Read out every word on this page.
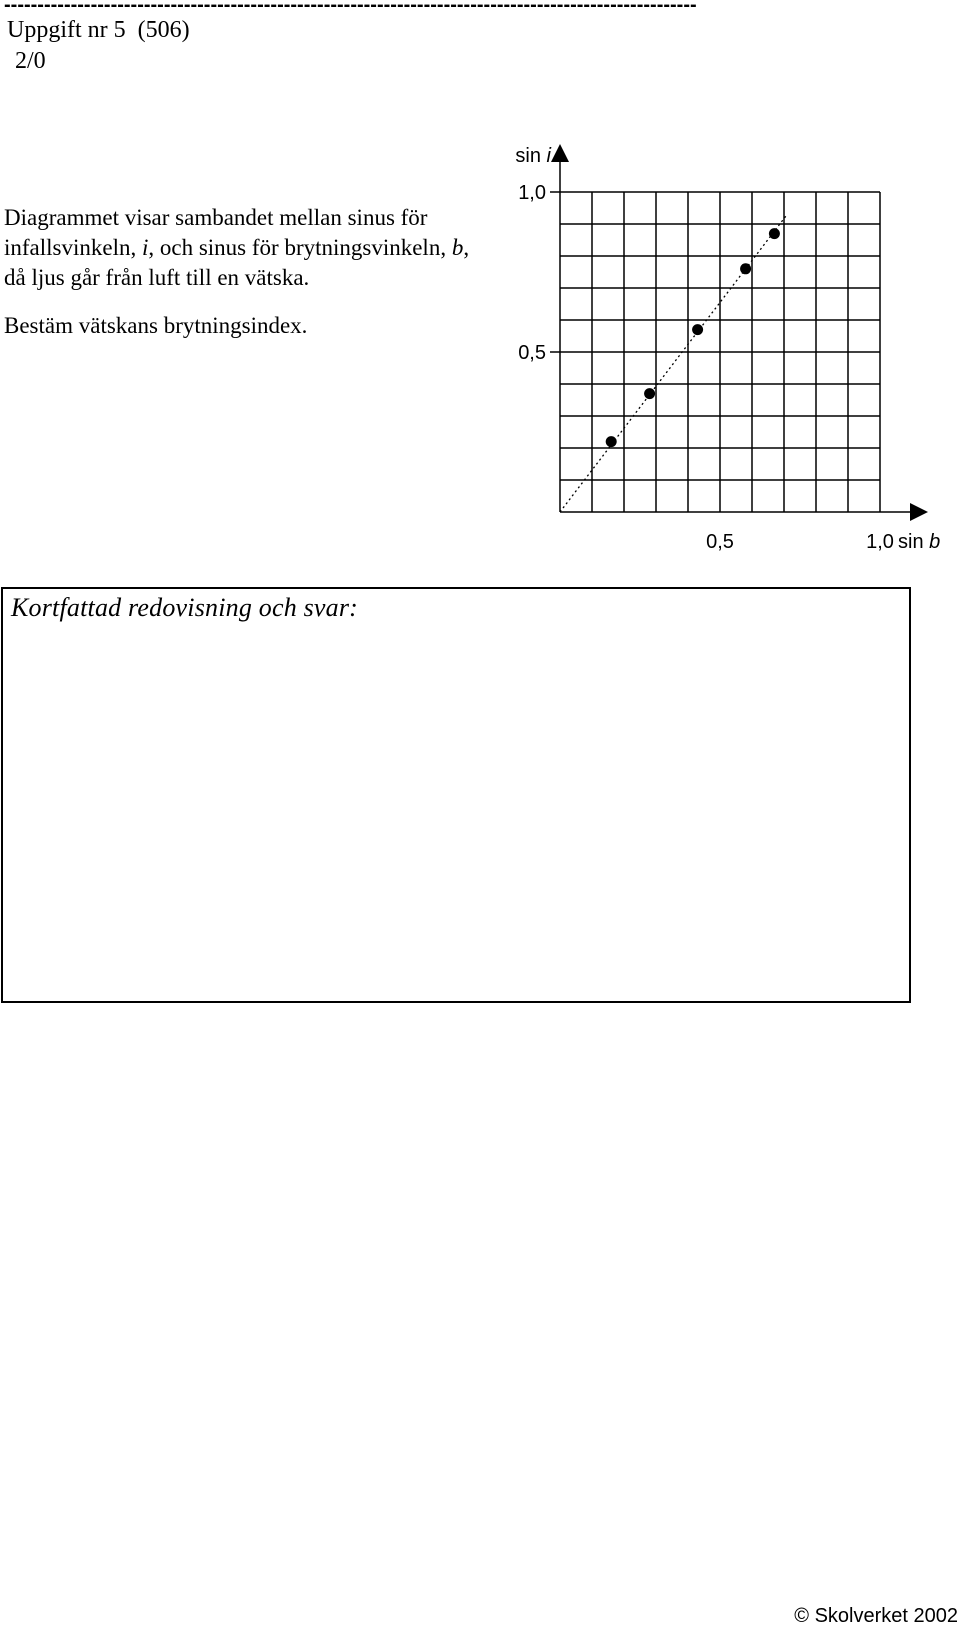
--------------------------------------------------------------------------------------------------------
Uppgift nr 5  (506)
2/0

Diagrammet visar sambandet mellan sinus för infallsvinkeln, i, och sinus för brytningsvinkeln, b, då ljus går från luft till en vätska.

Bestäm vätskans brytningsindex.

0,5
1,0
0,5	1,0
sin i
sin b
Kortfattad redovisning och svar:
© Skolverket 2002
